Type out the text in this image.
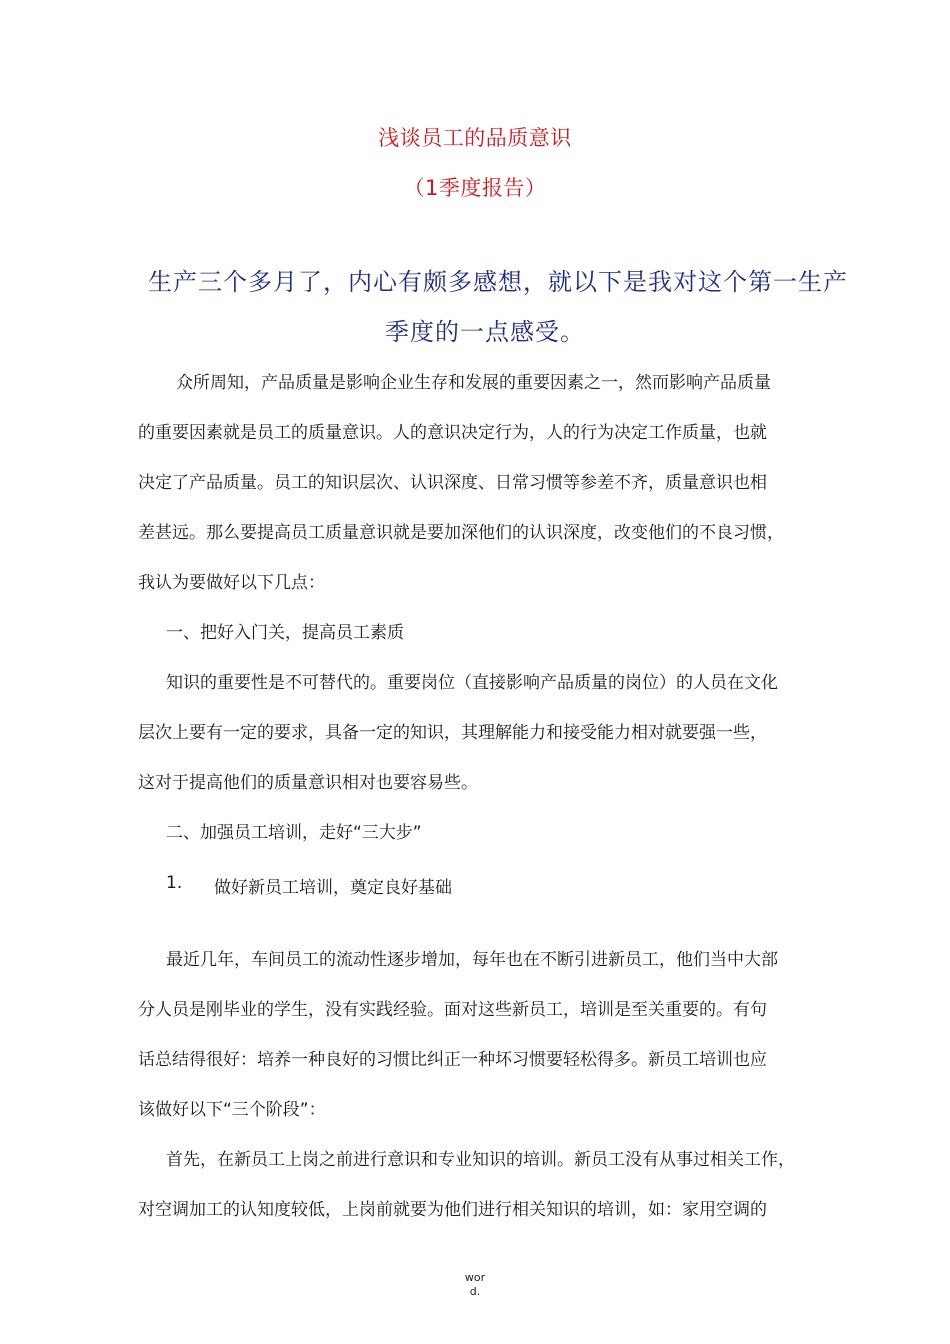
浅谈员工的品质意识
（1季度报告）
生产三个多月了，内心有颇多感想，就以下是我对这个第一生产
季度的一点感受。
众所周知，产品质量是影响企业生存和发展的重要因素之一，然而影响产品质量
的重要因素就是员工的质量意识。人的意识决定行为，人的行为决定工作质量，也就
决定了产品质量。员工的知识层次、认识深度、日常习惯等参差不齐，质量意识也相
差甚远。那么要提高员工质量意识就是要加深他们的认识深度，改变他们的不良习惯，
我认为要做好以下几点：
一、把好入门关，提高员工素质
知识的重要性是不可替代的。重要岗位（直接影响产品质量的岗位）的人员在文化
层次上要有一定的要求，具备一定的知识，其理解能力和接受能力相对就要强一些，
这对于提高他们的质量意识相对也要容易些。
二、加强员工培训，走好“三大步”
1. 做好新员工培训，奠定良好基础
最近几年，车间员工的流动性逐步增加，每年也在不断引进新员工，他们当中大部
分人员是刚毕业的学生，没有实践经验。面对这些新员工，培训是至关重要的。有句
话总结得很好：培养一种良好的习惯比纠正一种坏习惯要轻松得多。新员工培训也应
该做好以下“三个阶段”：
首先，在新员工上岗之前进行意识和专业知识的培训。新员工没有从事过相关工作，
对空调加工的认知度较低，上岗前就要为他们进行相关知识的培训，如：家用空调的
wor
d.
